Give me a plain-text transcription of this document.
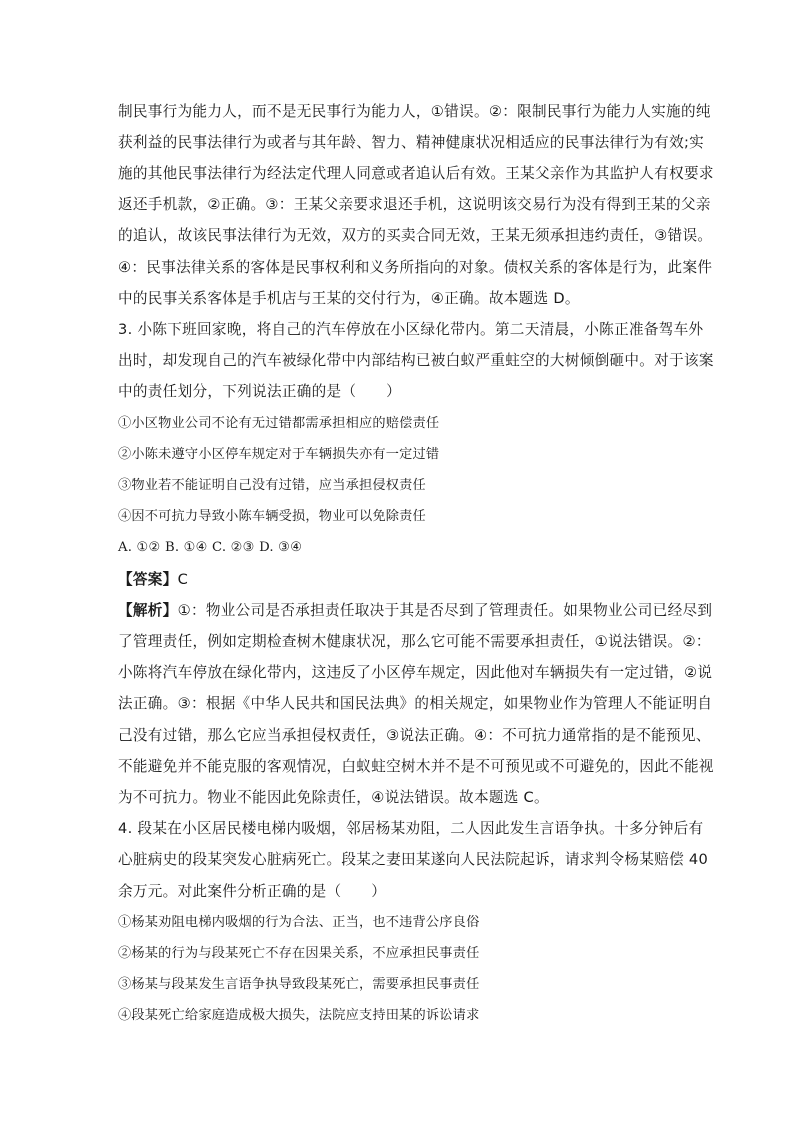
制民事行为能力人，而不是无民事行为能力人，①错误。②：限制民事行为能力人实施的纯
获利益的民事法律行为或者与其年龄、智力、精神健康状况相适应的民事法律行为有效;实
施的其他民事法律行为经法定代理人同意或者追认后有效。王某父亲作为其监护人有权要求
返还手机款，②正确。③：王某父亲要求退还手机，这说明该交易行为没有得到王某的父亲
的追认，故该民事法律行为无效，双方的买卖合同无效，王某无须承担违约责任，③错误。
④：民事法律关系的客体是民事权利和义务所指向的对象。债权关系的客体是行为，此案件
中的民事关系客体是手机店与王某的交付行为，④正确。故本题选 D。
3. 小陈下班回家晚，将自己的汽车停放在小区绿化带内。第二天清晨，小陈正准备驾车外
出时，却发现自己的汽车被绿化带中内部结构已被白蚁严重蛀空的大树倾倒砸中。对于该案
中的责任划分，下列说法正确的是（　　）
①小区物业公司不论有无过错都需承担相应的赔偿责任
②小陈未遵守小区停车规定对于车辆损失亦有一定过错
③物业若不能证明自己没有过错，应当承担侵权责任
④因不可抗力导致小陈车辆受损，物业可以免除责任
A. ①② B. ①④ C. ②③ D. ③④
【答案】C
【解析】①：物业公司是否承担责任取决于其是否尽到了管理责任。如果物业公司已经尽到
了管理责任，例如定期检查树木健康状况，那么它可能不需要承担责任，①说法错误。②：
小陈将汽车停放在绿化带内，这违反了小区停车规定，因此他对车辆损失有一定过错，②说
法正确。③：根据《中华人民共和国民法典》的相关规定，如果物业作为管理人不能证明自
己没有过错，那么它应当承担侵权责任，③说法正确。④：不可抗力通常指的是不能预见、
不能避免并不能克服的客观情况，白蚁蛀空树木并不是不可预见或不可避免的，因此不能视
为不可抗力。物业不能因此免除责任，④说法错误。故本题选 C。
4. 段某在小区居民楼电梯内吸烟，邻居杨某劝阻，二人因此发生言语争执。十多分钟后有
心脏病史的段某突发心脏病死亡。段某之妻田某遂向人民法院起诉，请求判令杨某赔偿 40
余万元。对此案件分析正确的是（　　）
①杨某劝阻电梯内吸烟的行为合法、正当，也不违背公序良俗
②杨某的行为与段某死亡不存在因果关系，不应承担民事责任
③杨某与段某发生言语争执导致段某死亡，需要承担民事责任
④段某死亡给家庭造成极大损失，法院应支持田某的诉讼请求
